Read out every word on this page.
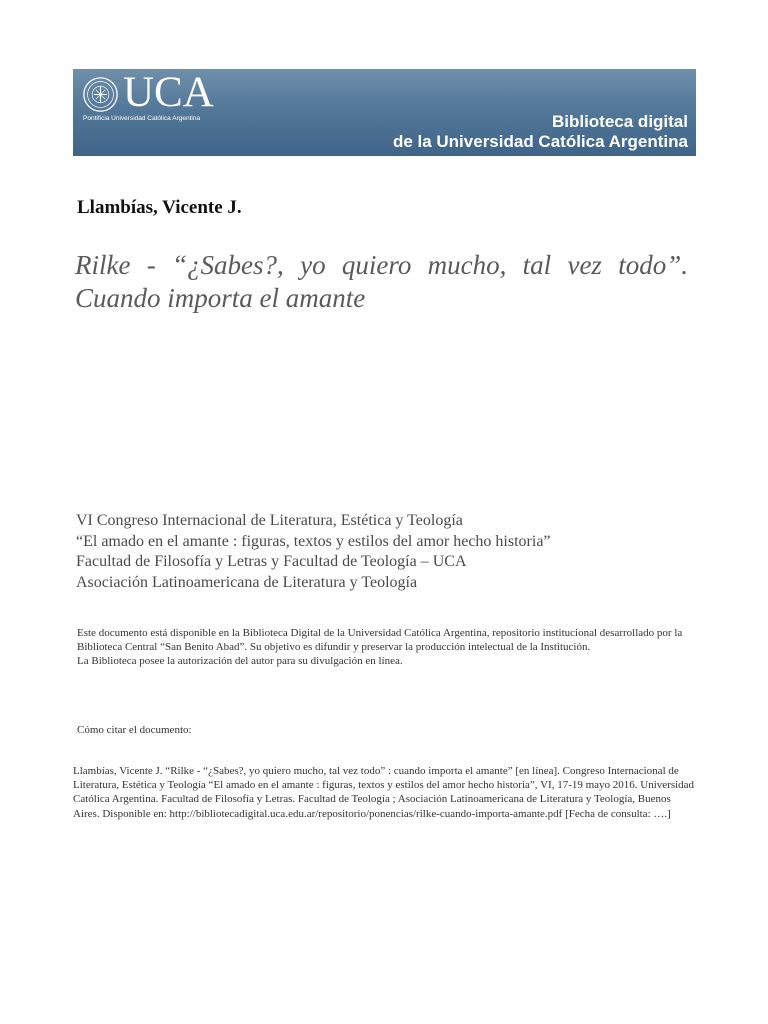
UCA
Pontificia Universidad Católica Argentina	Biblioteca digital
de la Universidad Católica Argentina
Llambías, Vicente J.

Rilke - “¿Sabes?, yo quiero mucho, tal vez todo”. Cuando importa el amante

VI Congreso Internacional de Literatura, Estética y Teología
“El amado en el amante : figuras, textos y estilos del amor hecho historia”
Facultad de Filosofía y Letras y Facultad de Teología – UCA
Asociación Latinoamericana de Literatura y Teología

Este documento está disponible en la Biblioteca Digital de la Universidad Católica Argentina, repositorio institucional desarrollado por la Biblioteca Central “San Benito Abad”. Su objetivo es difundir y preservar la producción intelectual de la Institución.

La Biblioteca posee la autorización del autor para su divulgación en línea.

Cómo citar el documento:

Llambías, Vicente J. “Rilke - “¿Sabes?, yo quiero mucho, tal vez todo” : cuando importa el amante” [en línea]. Congreso Internacional de Literatura, Estética y Teología “El amado en el amante : figuras, textos y estilos del amor hecho historia”, VI, 17-19 mayo 2016. Universidad Católica Argentina. Facultad de Filosofía y Letras. Facultad de Teología ; Asociación Latinoamericana de Literatura y Teología, Buenos Aires. Disponible en: http://bibliotecadigital.uca.edu.ar/repositorio/ponencias/rilke-cuando-importa-amante.pdf [Fecha de consulta: ….]
